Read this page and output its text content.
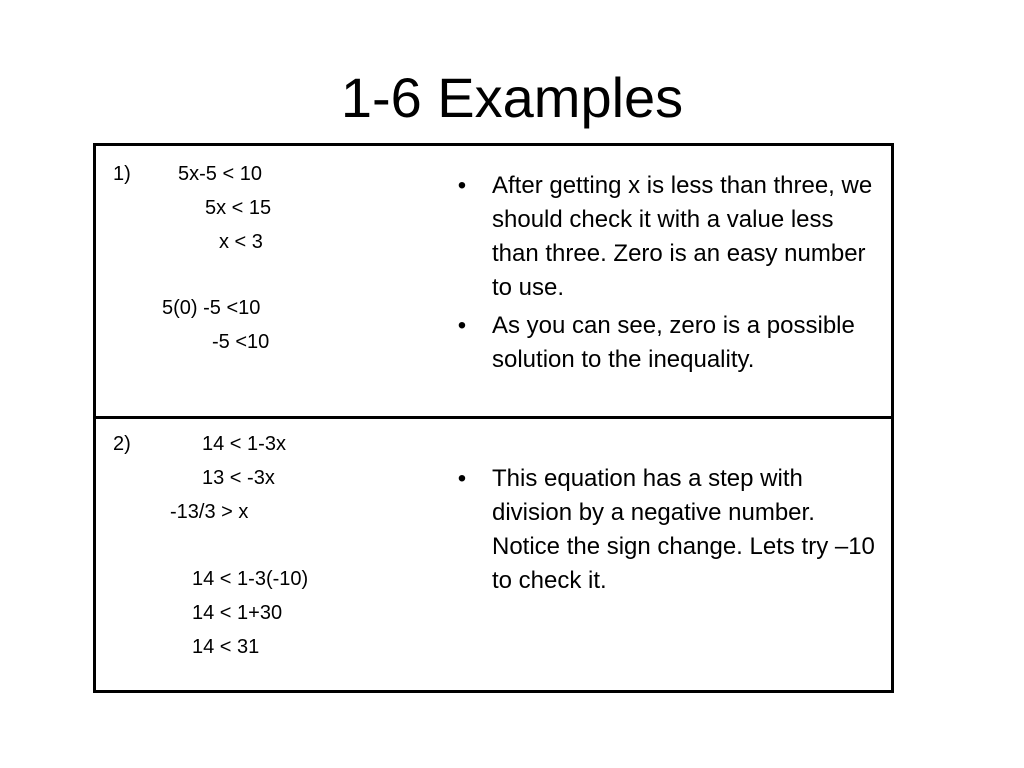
1-6 Examples
1) 5x-5 < 10
5x < 15
x < 3
5(0) -5 <10
-5 <10
• After getting x is less than three, we should check it with a value less than three. Zero is an easy number to use.
• As you can see, zero is a possible solution to the inequality.
2)	14 < 1-3x
13 < -3x
-13/3 > x
14 < 1-3(-10)
14 < 1+30
14 < 31
• This equation has a step with division by a negative number. Notice the sign change. Lets try –10 to check it.
